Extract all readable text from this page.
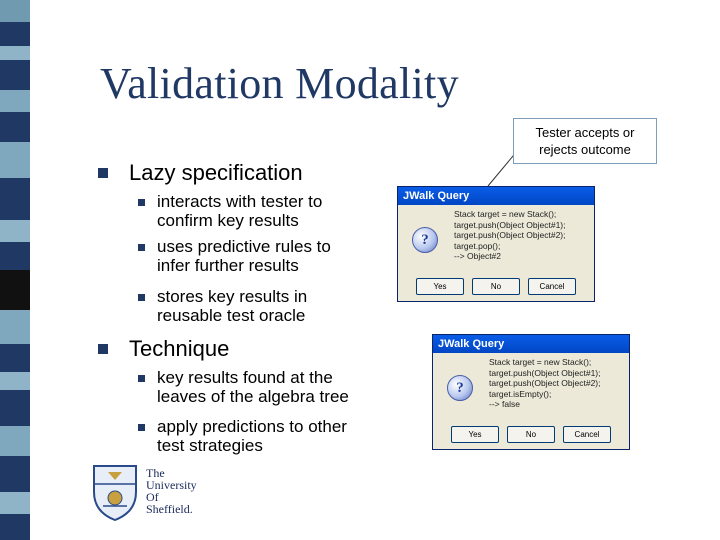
Validation Modality
Lazy specification
interacts with tester to
confirm key results
uses predictive rules to
infer further results
stores key results in
reusable test oracle
Technique
key results found at the
leaves of the algebra tree
apply predictions to other
test strategies
Tester accepts or
rejects outcome
JWalk Query
?
Stack target = new Stack();
target.push(Object Object#1);
target.push(Object Object#2);
target.pop();
--> Object#2
Yes	No	Cancel
JWalk Query
?
Stack target = new Stack();
target.push(Object Object#1);
target.push(Object Object#2);
target.isEmpty();
--> false
Yes	No	Cancel
The
University
Of
Sheffield.
